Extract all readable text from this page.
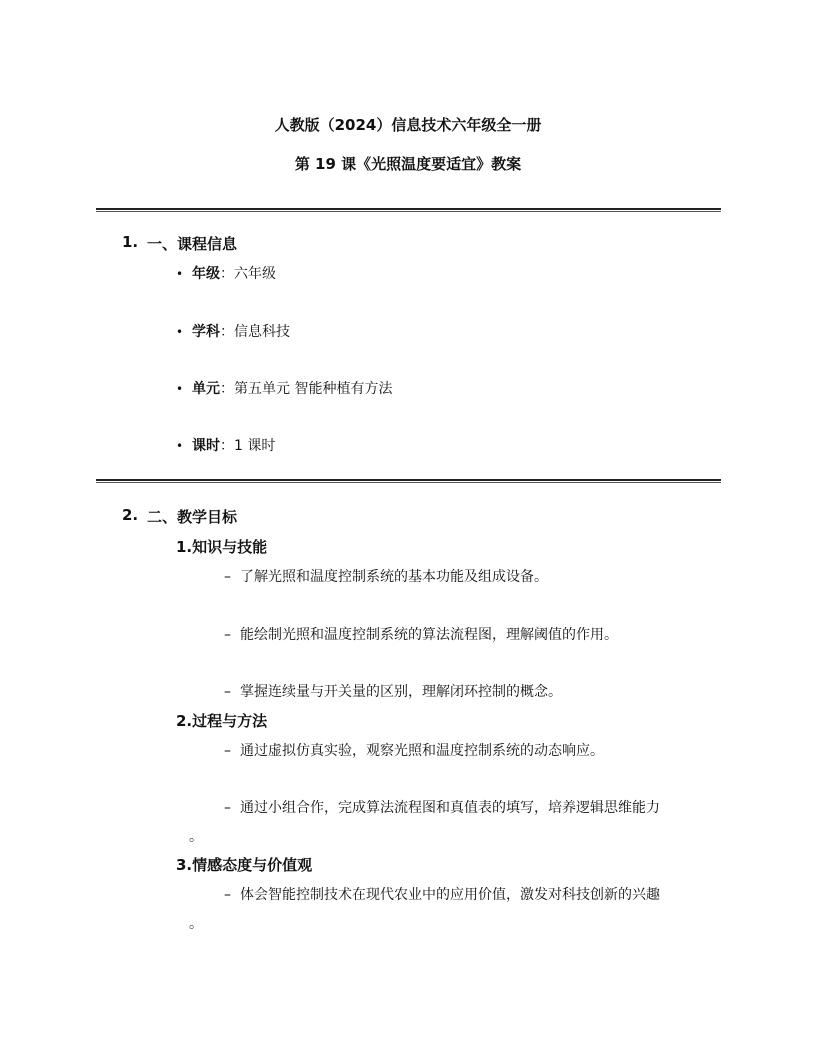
人教版（2024）信息技术六年级全一册
第 19 课《光照温度要适宜》教案
1. 一、课程信息
• 年级：六年级
• 学科：信息科技
• 单元：第五单元 智能种植有方法
• 课时：1 课时
2. 二、教学目标
1.知识与技能
– 了解光照和温度控制系统的基本功能及组成设备。
– 能绘制光照和温度控制系统的算法流程图，理解阈值的作用。
– 掌握连续量与开关量的区别，理解闭环控制的概念。
2.过程与方法
– 通过虚拟仿真实验，观察光照和温度控制系统的动态响应。
– 通过小组合作，完成算法流程图和真值表的填写，培养逻辑思维能力
。
3.情感态度与价值观
– 体会智能控制技术在现代农业中的应用价值，激发对科技创新的兴趣
。
